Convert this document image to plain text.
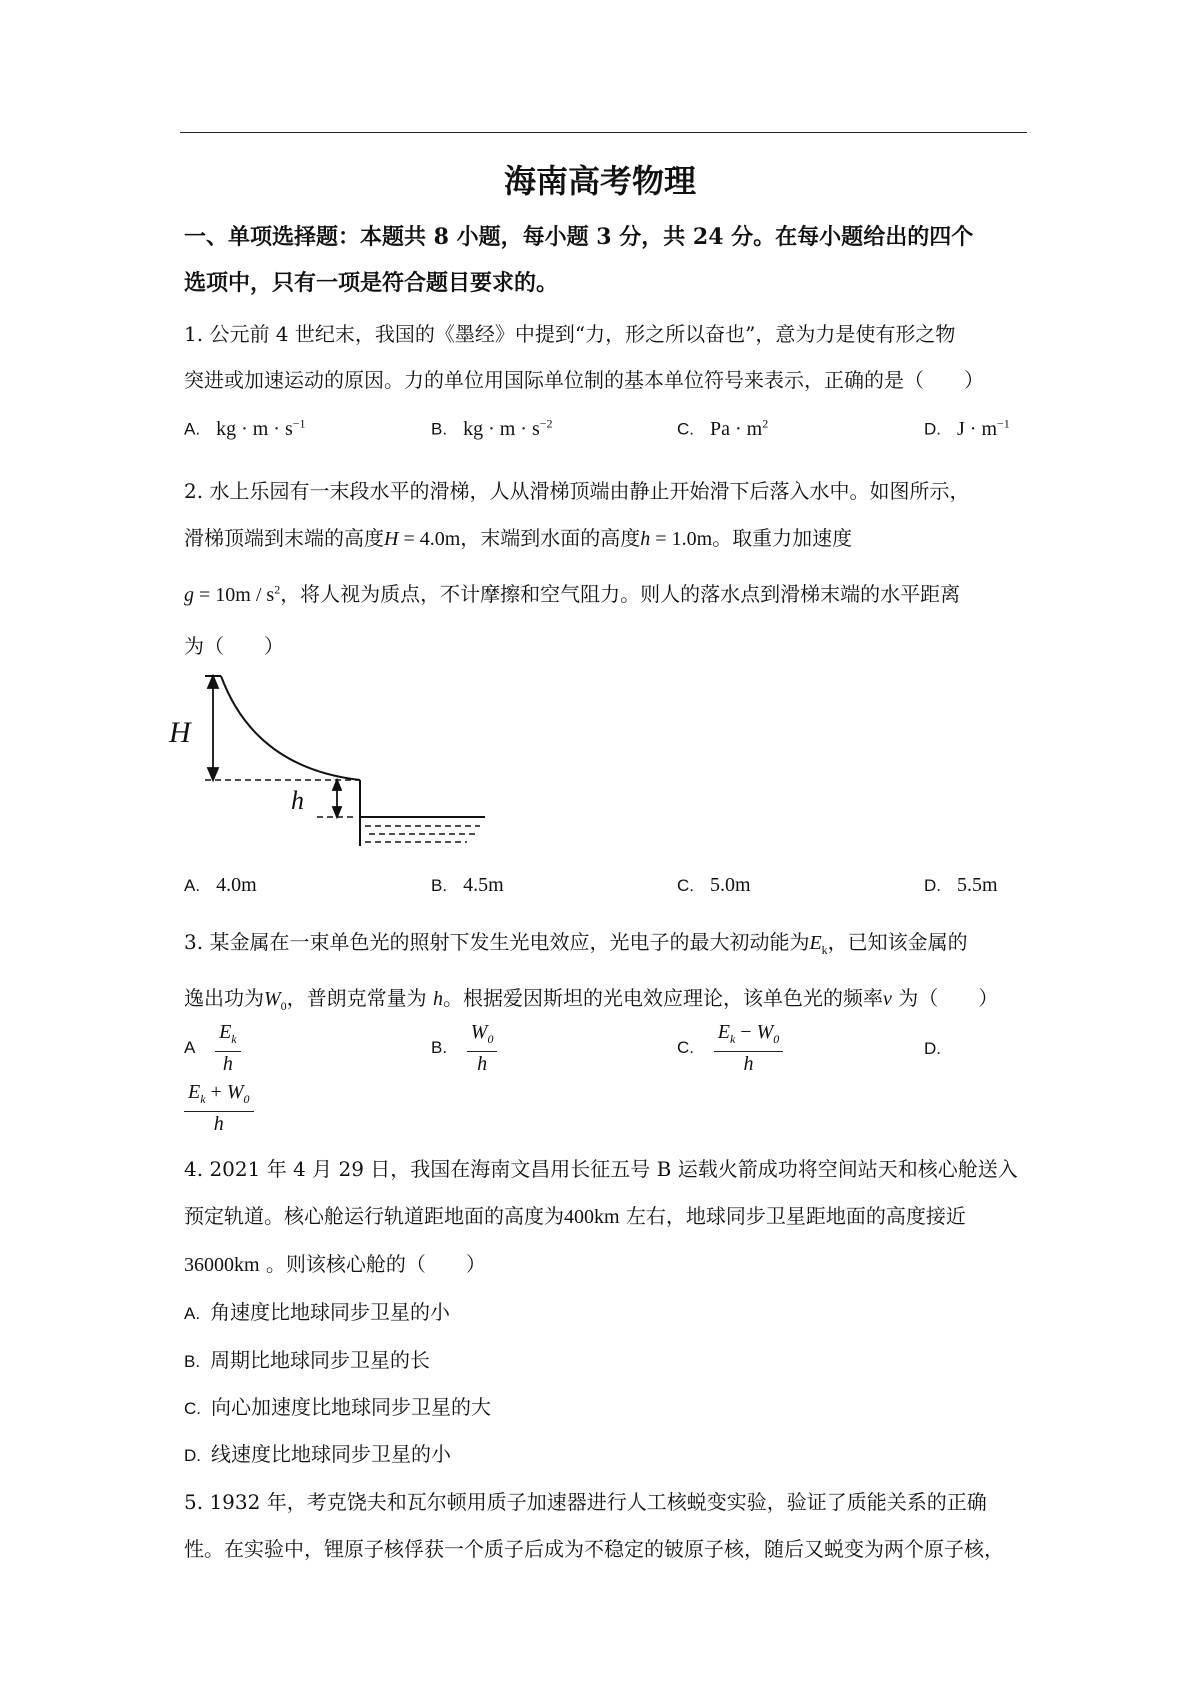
海南高考物理
一、单项选择题：本题共 8 小题，每小题 3 分，共 24 分。在每小题给出的四个
选项中，只有一项是符合题目要求的。
1. 公元前 4 世纪末，我国的《墨经》中提到“力，形之所以奋也”，意为力是使有形之物
突进或加速运动的原因。力的单位用国际单位制的基本单位符号来表示，正确的是（　　）
A. kg · $m \cdot s^{-1}$	B. kg · $m \cdot s^{-2}$	C. $Pa \cdot m^2$	D. $J \cdot m^{-1}$
2. 水上乐园有一末段水平的滑梯，人从滑梯顶端由静止开始滑下后落入水中。如图所示，
滑梯顶端到末端的高度H = 4.0m，末端到水面的高度h = 1.0m。取重力加速度
$g = 10m / s^2$，将人视为质点，不计摩擦和空气阻力。则人的落水点到滑梯末端的水平距离
为（　　）
H
h
A. 4.0m	B. 4.5m	C. 5.0m	D. 5.5m
3. 某金属在一束单色光的照射下发生光电效应，光电子的最大初动能为$E_k$，已知该金属的
逸出功为$W_0$，普朗克常量为 h。根据爱因斯坦的光电效应理论，该单色光的频率ν 为（　　）
A $\frac{E_k}{h}$	B. $\frac{W_0}{h}$	C. $\frac{E_k - W_0}{h}$	D.
$\frac{E_k + W_0}{h}$
4. 2021 年 4 月 29 日，我国在海南文昌用长征五号 B 运载火箭成功将空间站天和核心舱送入
预定轨道。核心舱运行轨道距地面的高度为400km 左右，地球同步卫星距地面的高度接近
36000km 。则该核心舱的（　　）
A. 角速度比地球同步卫星的小
B. 周期比地球同步卫星的长
C. 向心加速度比地球同步卫星的大
D. 线速度比地球同步卫星的小
5. 1932 年，考克饶夫和瓦尔顿用质子加速器进行人工核蜕变实验，验证了质能关系的正确
性。在实验中，锂原子核俘获一个质子后成为不稳定的铍原子核，随后又蜕变为两个原子核，
